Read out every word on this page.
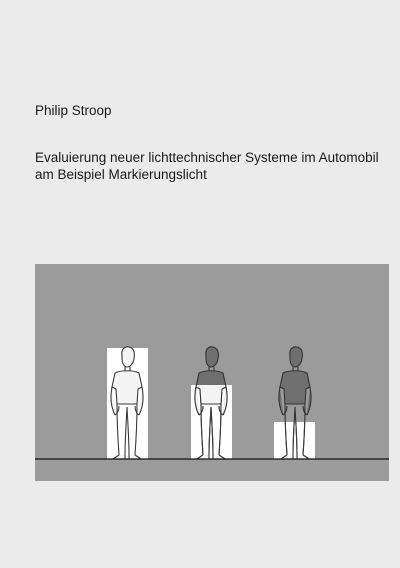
Philip Stroop
Evaluierung neuer lichttechnischer Systeme im Automobil
am Beispiel Markierungslicht
